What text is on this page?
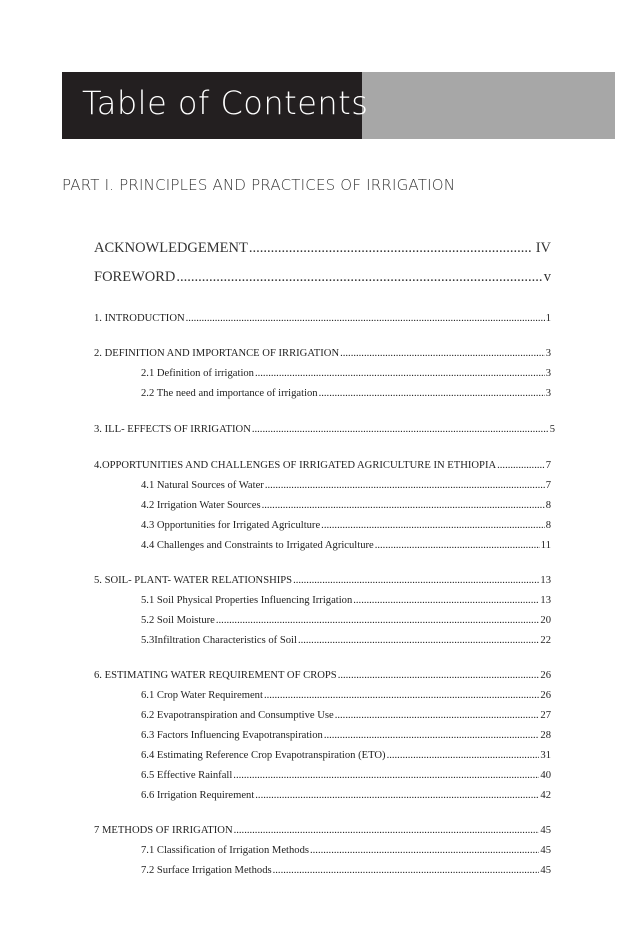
Table of Contents
PART I. PRINCIPLES AND PRACTICES OF IRRIGATION
ACKNOWLEDGEMENT .....	IV
FOREWORD .....	v
1. INTRODUCTION .....	1
2. DEFINITION AND IMPORTANCE OF IRRIGATION .....	3
2.1 Definition of irrigation .....	3
2.2 The need and importance of irrigation .....	3
3. ILL- EFFECTS OF IRRIGATION .....	5
4.OPPORTUNITIES AND CHALLENGES OF IRRIGATED AGRICULTURE IN ETHIOPIA .....	7
4.1 Natural Sources of Water .....	7
4.2 Irrigation Water Sources .....	8
4.3 Opportunities for Irrigated Agriculture .....	8
4.4 Challenges and Constraints to Irrigated Agriculture .....	11
5. SOIL- PLANT- WATER RELATIONSHIPS .....	13
5.1 Soil Physical Properties Influencing Irrigation .....	13
5.2 Soil Moisture .....	20
5.3Infiltration Characteristics of Soil .....	22
6. ESTIMATING WATER REQUIREMENT OF CROPS .....	26
6.1 Crop Water Requirement .....	26
6.2 Evapotranspiration and Consumptive Use .....	27
6.3 Factors Influencing Evapotranspiration .....	28
6.4 Estimating Reference Crop Evapotranspiration (ETO) .....	31
6.5 Effective Rainfall .....	40
6.6 Irrigation Requirement .....	42
7 METHODS OF IRRIGATION .....	45
7.1 Classification of Irrigation Methods .....	45
7.2 Surface Irrigation Methods .....	45
